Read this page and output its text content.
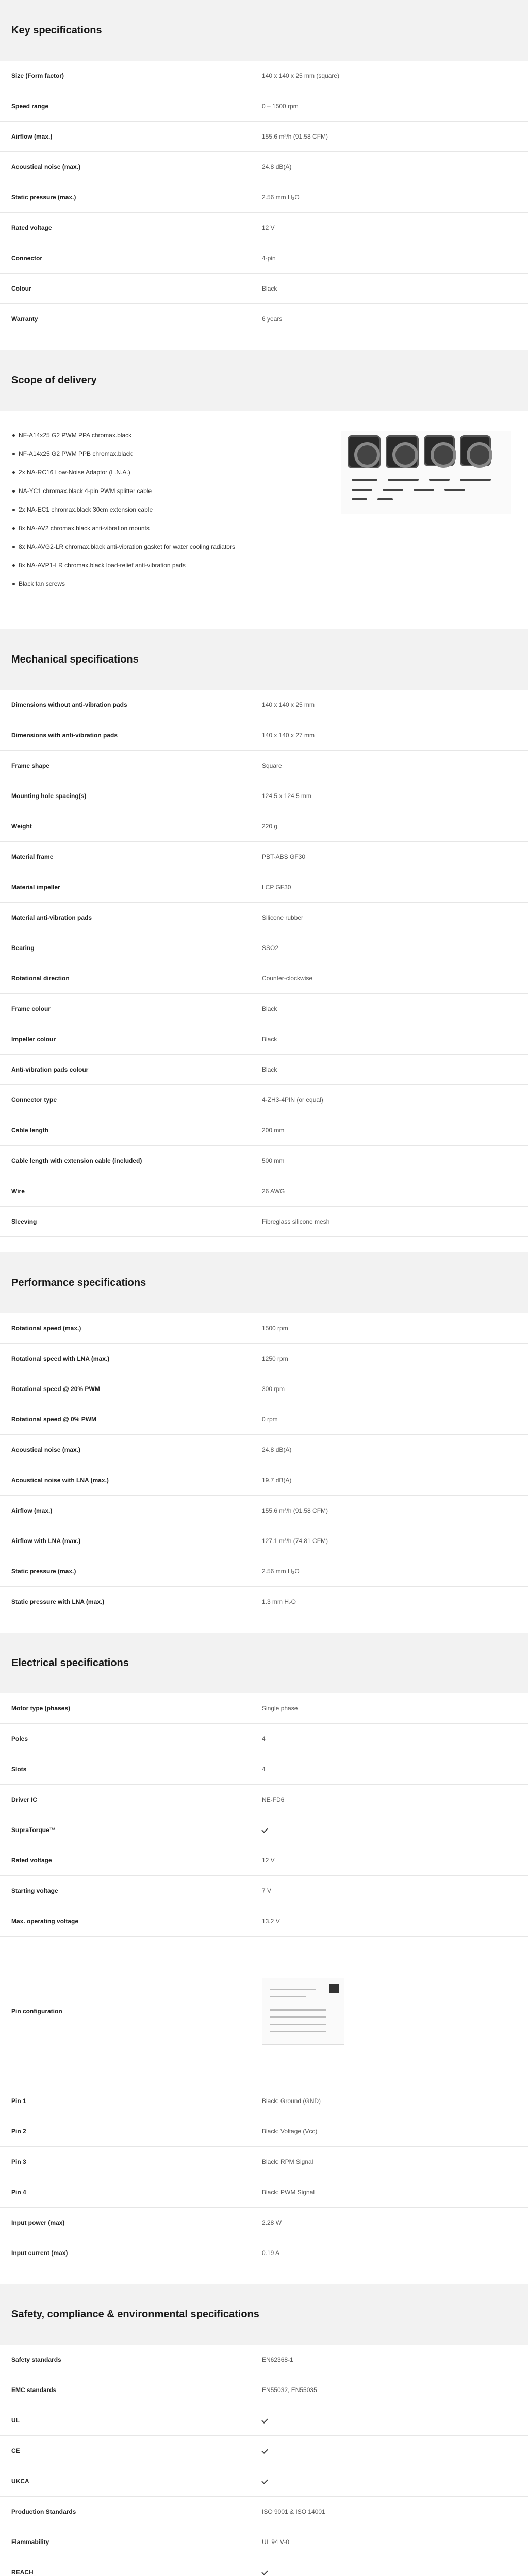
Key specifications
Size (Form factor)	140 x 140 x 25 mm (square)
Speed range	0 – 1500 rpm
Airflow (max.)	155.6 m³/h (91.58 CFM)
Acoustical noise (max.)	24.8 dB(A)
Static pressure (max.)	2.56 mm H₂O
Rated voltage	12 V
Connector	4-pin
Colour	Black
Warranty	6 years
Scope of delivery
NF-A14x25 G2 PWM PPA chromax.black
NF-A14x25 G2 PWM PPB chromax.black
2x NA-RC16 Low-Noise Adaptor (L.N.A.)
NA-YC1 chromax.black 4-pin PWM splitter cable
2x NA-EC1 chromax.black 30cm extension cable
8x NA-AV2 chromax.black anti-vibration mounts
8x NA-AVG2-LR chromax.black anti-vibration gasket for water cooling radiators
8x NA-AVP1-LR chromax.black load-relief anti-vibration pads
Black fan screws
Mechanical specifications
Dimensions without anti-vibration pads	140 x 140 x 25 mm
Dimensions with anti-vibration pads	140 x 140 x 27 mm
Frame shape	Square
Mounting hole spacing(s)	124.5 x 124.5 mm
Weight	220 g
Material frame	PBT-ABS GF30
Material impeller	LCP GF30
Material anti-vibration pads	Silicone rubber
Bearing	SSO2
Rotational direction	Counter-clockwise
Frame colour	Black
Impeller colour	Black
Anti-vibration pads colour	Black
Connector type	4-ZH3-4PIN (or equal)
Cable length	200 mm
Cable length with extension cable (included)	500 mm
Wire	26 AWG
Sleeving	Fibreglass silicone mesh
Performance specifications
Rotational speed (max.)	1500 rpm
Rotational speed with LNA (max.)	1250 rpm
Rotational speed @ 20% PWM	300 rpm
Rotational speed @ 0% PWM	0 rpm
Acoustical noise (max.)	24.8 dB(A)
Acoustical noise with LNA (max.)	19.7 dB(A)
Airflow (max.)	155.6 m³/h (91.58 CFM)
Airflow with LNA (max.)	127.1 m³/h (74.81 CFM)
Static pressure (max.)	2.56 mm H₂O
Static pressure with LNA (max.)	1.3 mm H₂O
Electrical specifications
Motor type (phases)	Single phase
Poles	4
Slots	4
Driver IC	NE-FD6
SupraTorque™
Rated voltage	12 V
Starting voltage	7 V
Max. operating voltage	13.2 V
Pin configuration
Pin 1	Black: Ground (GND)
Pin 2	Black: Voltage (Vcc)
Pin 3	Black: RPM Signal
Pin 4	Black: PWM Signal
Input power (max)	2.28 W
Input current (max)	0.19 A
Safety, compliance & environmental specifications
Safety standards	EN62368-1
EMC standards	EN55032, EN55035
UL
CE
UKCA
Production Standards	ISO 9001 & ISO 14001
Flammability	UL 94 V-0
REACH
